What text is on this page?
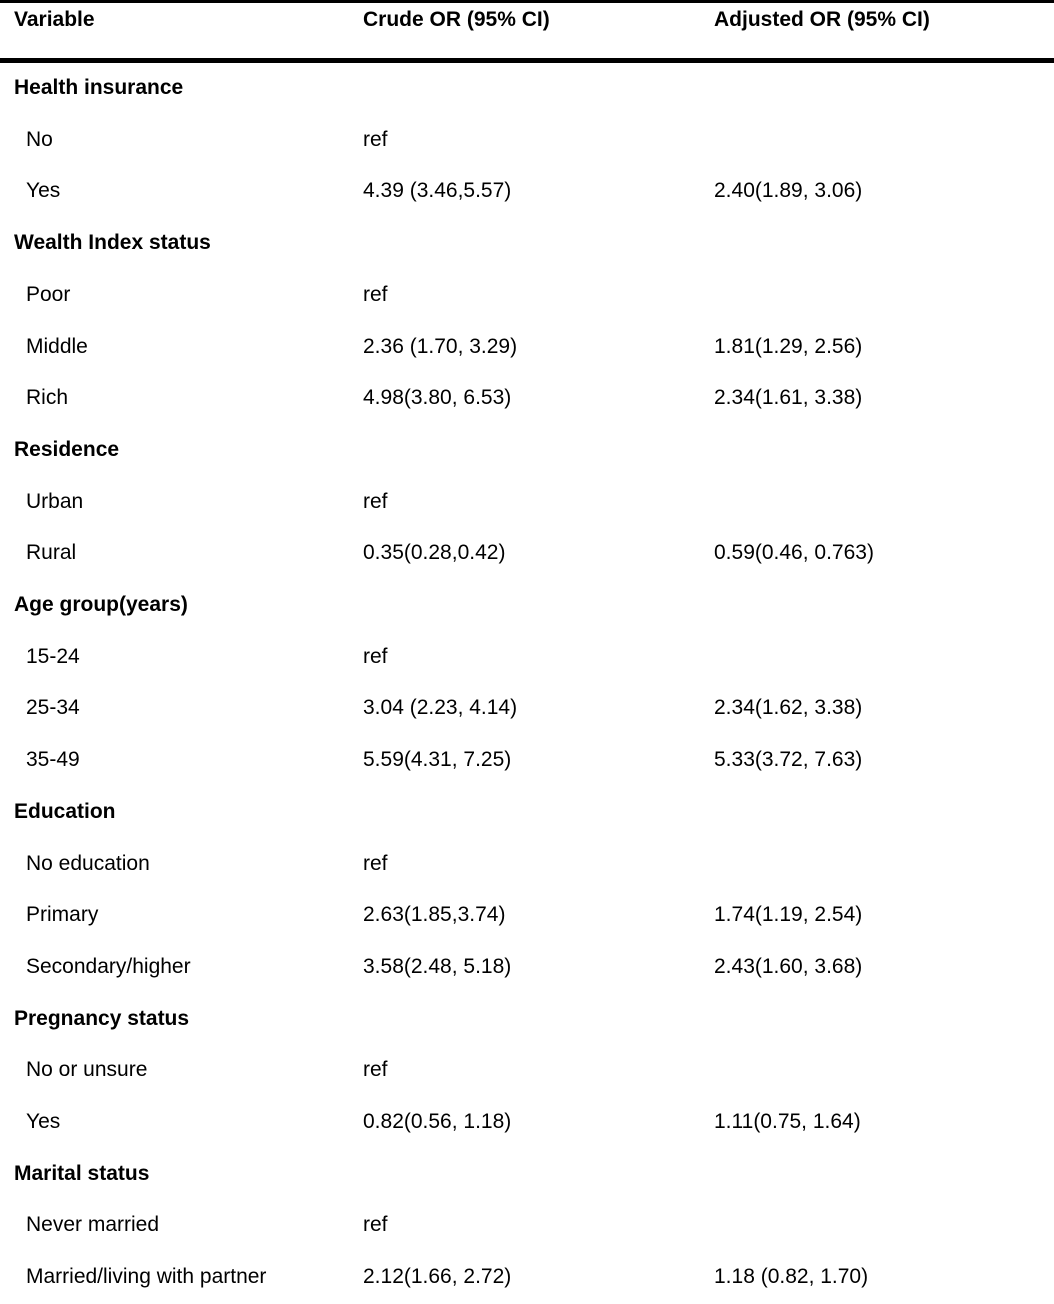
Variable	Crude OR (95% CI)	Adjusted OR (95% CI)
Health insurance
No	ref
Yes	4.39 (3.46,5.57)	2.40(1.89, 3.06)
Wealth Index status
Poor	ref
Middle	2.36 (1.70, 3.29)	1.81(1.29, 2.56)
Rich	4.98(3.80, 6.53)	2.34(1.61, 3.38)
Residence
Urban	ref
Rural	0.35(0.28,0.42)	0.59(0.46, 0.763)
Age group(years)
15-24	ref
25-34	3.04 (2.23, 4.14)	2.34(1.62, 3.38)
35-49	5.59(4.31, 7.25)	5.33(3.72, 7.63)
Education
No education	ref
Primary	2.63(1.85,3.74)	1.74(1.19, 2.54)
Secondary/higher	3.58(2.48, 5.18)	2.43(1.60, 3.68)
Pregnancy status
No or unsure	ref
Yes	0.82(0.56, 1.18)	1.11(0.75, 1.64)
Marital status
Never married	ref
Married/living with partner	2.12(1.66, 2.72)	1.18 (0.82, 1.70)
